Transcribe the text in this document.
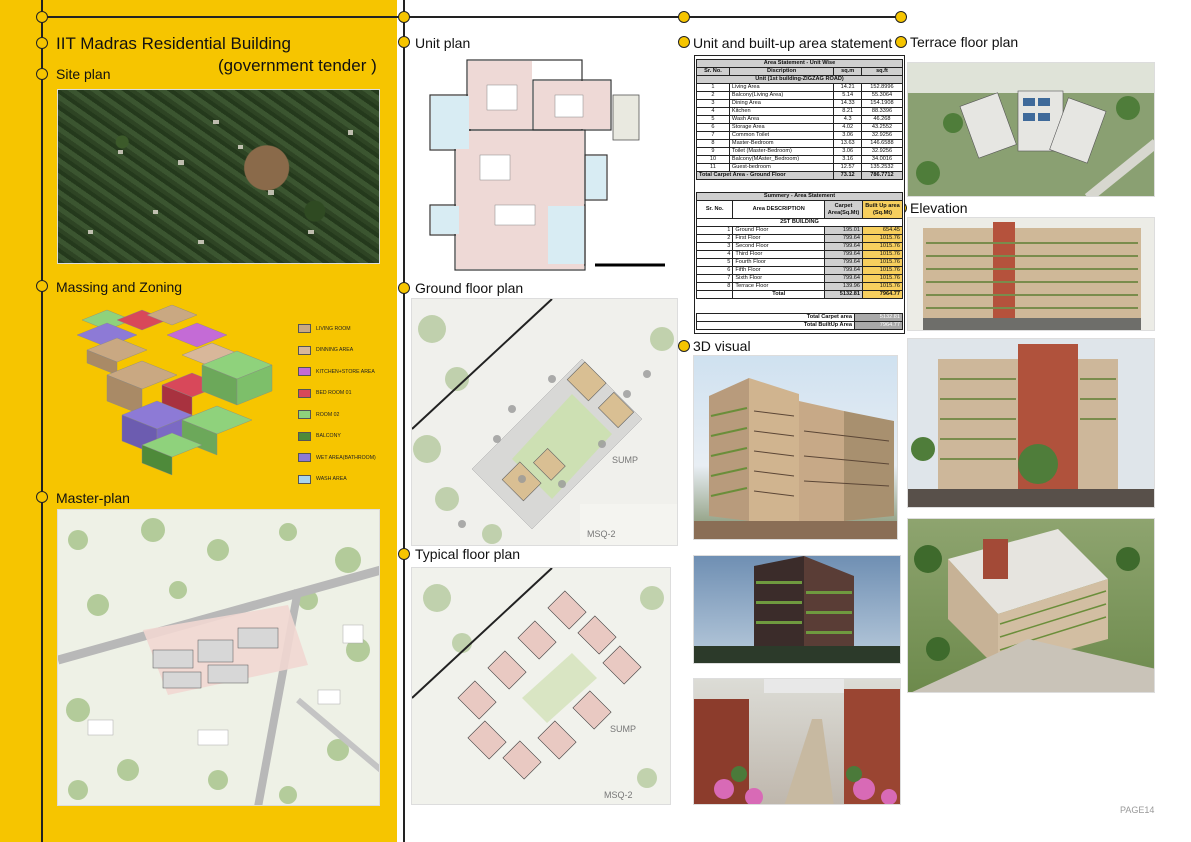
IIT Madras Residential Building
(government tender )
Site plan
Massing and Zoning
Master-plan
Unit plan
Ground floor plan
Typical floor plan
Unit and built-up area statement
3D visual
Terrace floor plan
Elevation
LIVING ROOM
DINNING AREA
KITCHEN+STORE AREA
BED ROOM 01
ROOM 02
BALCONY
WET AREA(BATHROOM)
WASH AREA
SUMP
MSQ-2
SUMP
MSQ-2
Area Statement - Unit Wise			
Sr. No.	Discription	sq.m	sq.ft
Unit (1st building-ZIGZAG ROAD)			
1	Living Area	14.21	152.8996
2	Balcony(Living Area)	5.14	55.3064
3	Dining Area	14.33	154.1908
4	Kitchen	8.21	88.3396
5	Wash Area	4.3	46.268
6	Storage Area	4.02	43.2552
7	Common Toilet	3.06	32.9256
8	Master-Bedroom	13.63	146.6588
9	Toilet (Master-Bedroom)	3.06	32.9256
10	Balcony(MAster_Bedroom)	3.16	34.0016
11	Guest-bedroom	12.57	135.2532
Total Carpet Area - Ground Floor		73.12	786.7712
Summery - Area Statement			
Sr. No.	Area DESCRIPTION	Carpet Area(Sq.Mt)	Built Up area (Sq.Mt)
2ST BUILDING			
1	Ground Floor	195.01	654.45
2	First Floor	799.64	1015.76
3	Second Floor	799.64	1015.76
4	Third Floor	799.64	1015.76
5	Fourth Floor	799.64	1015.76
6	Fifth Floor	799.64	1015.76
7	Sixth Floor	799.64	1015.76
8	Terrace Floor	139.96	1015.76
	Total	5132.81	7964.77
Total Carpet area	5132.81
Total BuiltUp Area	7964.77
PAGE14
